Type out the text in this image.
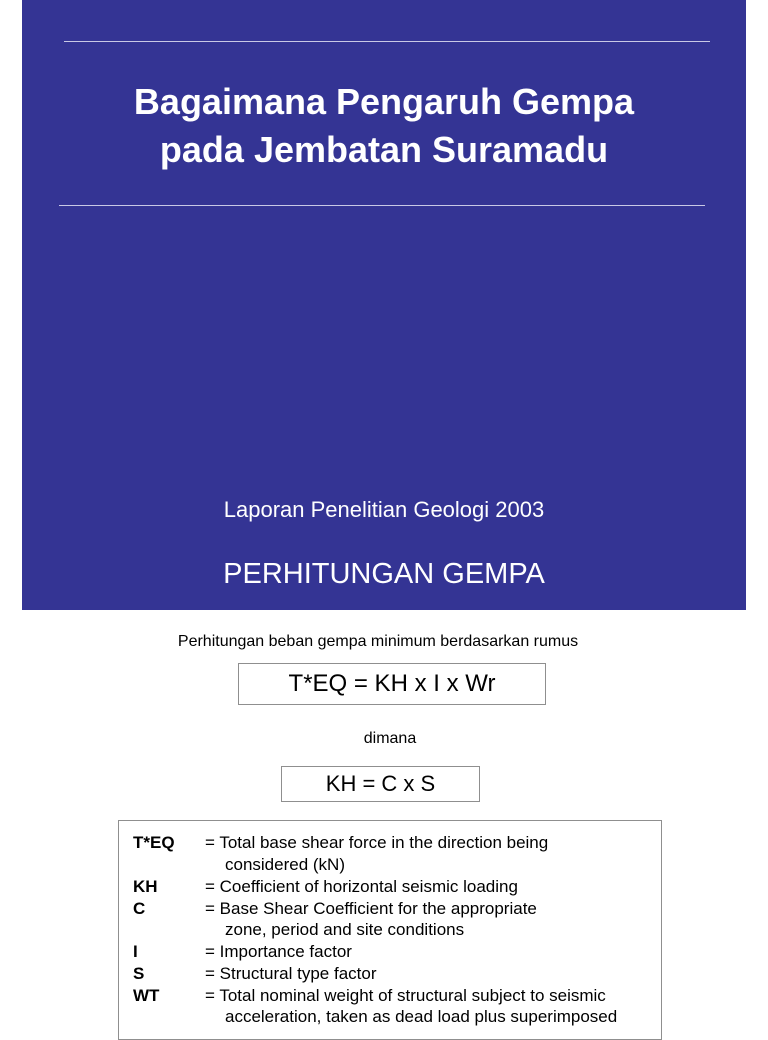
Bagaimana Pengaruh Gempa
pada Jembatan Suramadu
Laporan Penelitian Geologi 2003
PERHITUNGAN GEMPA
Perhitungan beban gempa minimum berdasarkan rumus
T*EQ = KH x I x Wr
dimana
KH = C x S
T*EQ = Total base shear force in the direction being
considered (kN)
KH	= Coefficient of horizontal seismic loading
C	= Base Shear Coefficient for the appropriate
zone, period and site conditions
I	= Importance factor
S	= Structural type factor
WT	= Total nominal weight of structural subject to seismic
acceleration, taken as dead load plus superimposed
